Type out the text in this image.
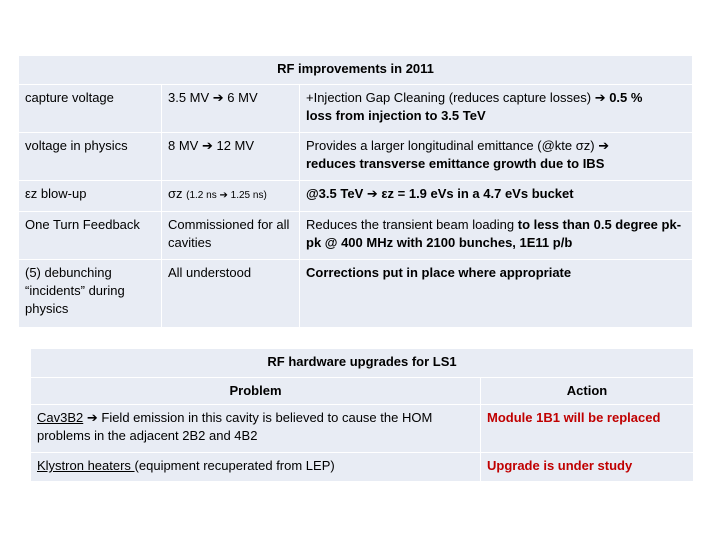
RF improvements in 2011		
capture voltage	3.5 MV ➔ 6 MV	+Injection Gap Cleaning (reduces capture losses) ➔ 0.5 %
loss from injection to 3.5 TeV
voltage in physics	8 MV ➔ 12 MV	Provides a larger longitudinal emittance (@kte σz) ➔
reduces transverse emittance growth due to IBS
εz blow-up	σz (1.2 ns ➔ 1.25 ns)	@3.5 TeV ➔ εz = 1.9 eVs in a 4.7 eVs bucket
One Turn Feedback	Commissioned for all cavities	Reduces the transient beam loading to less than 0.5 degree pk-pk @ 400 MHz with 2100 bunches, 1E11 p/b
(5) debunching “incidents” during physics	All understood	Corrections put in place where appropriate
RF hardware upgrades for LS1	
Problem	Action
Cav3B2 ➔ Field emission in this cavity is believed to cause the HOM problems in the adjacent 2B2 and 4B2	Module 1B1 will be replaced
Klystron heaters (equipment recuperated from LEP)	Upgrade is under study
